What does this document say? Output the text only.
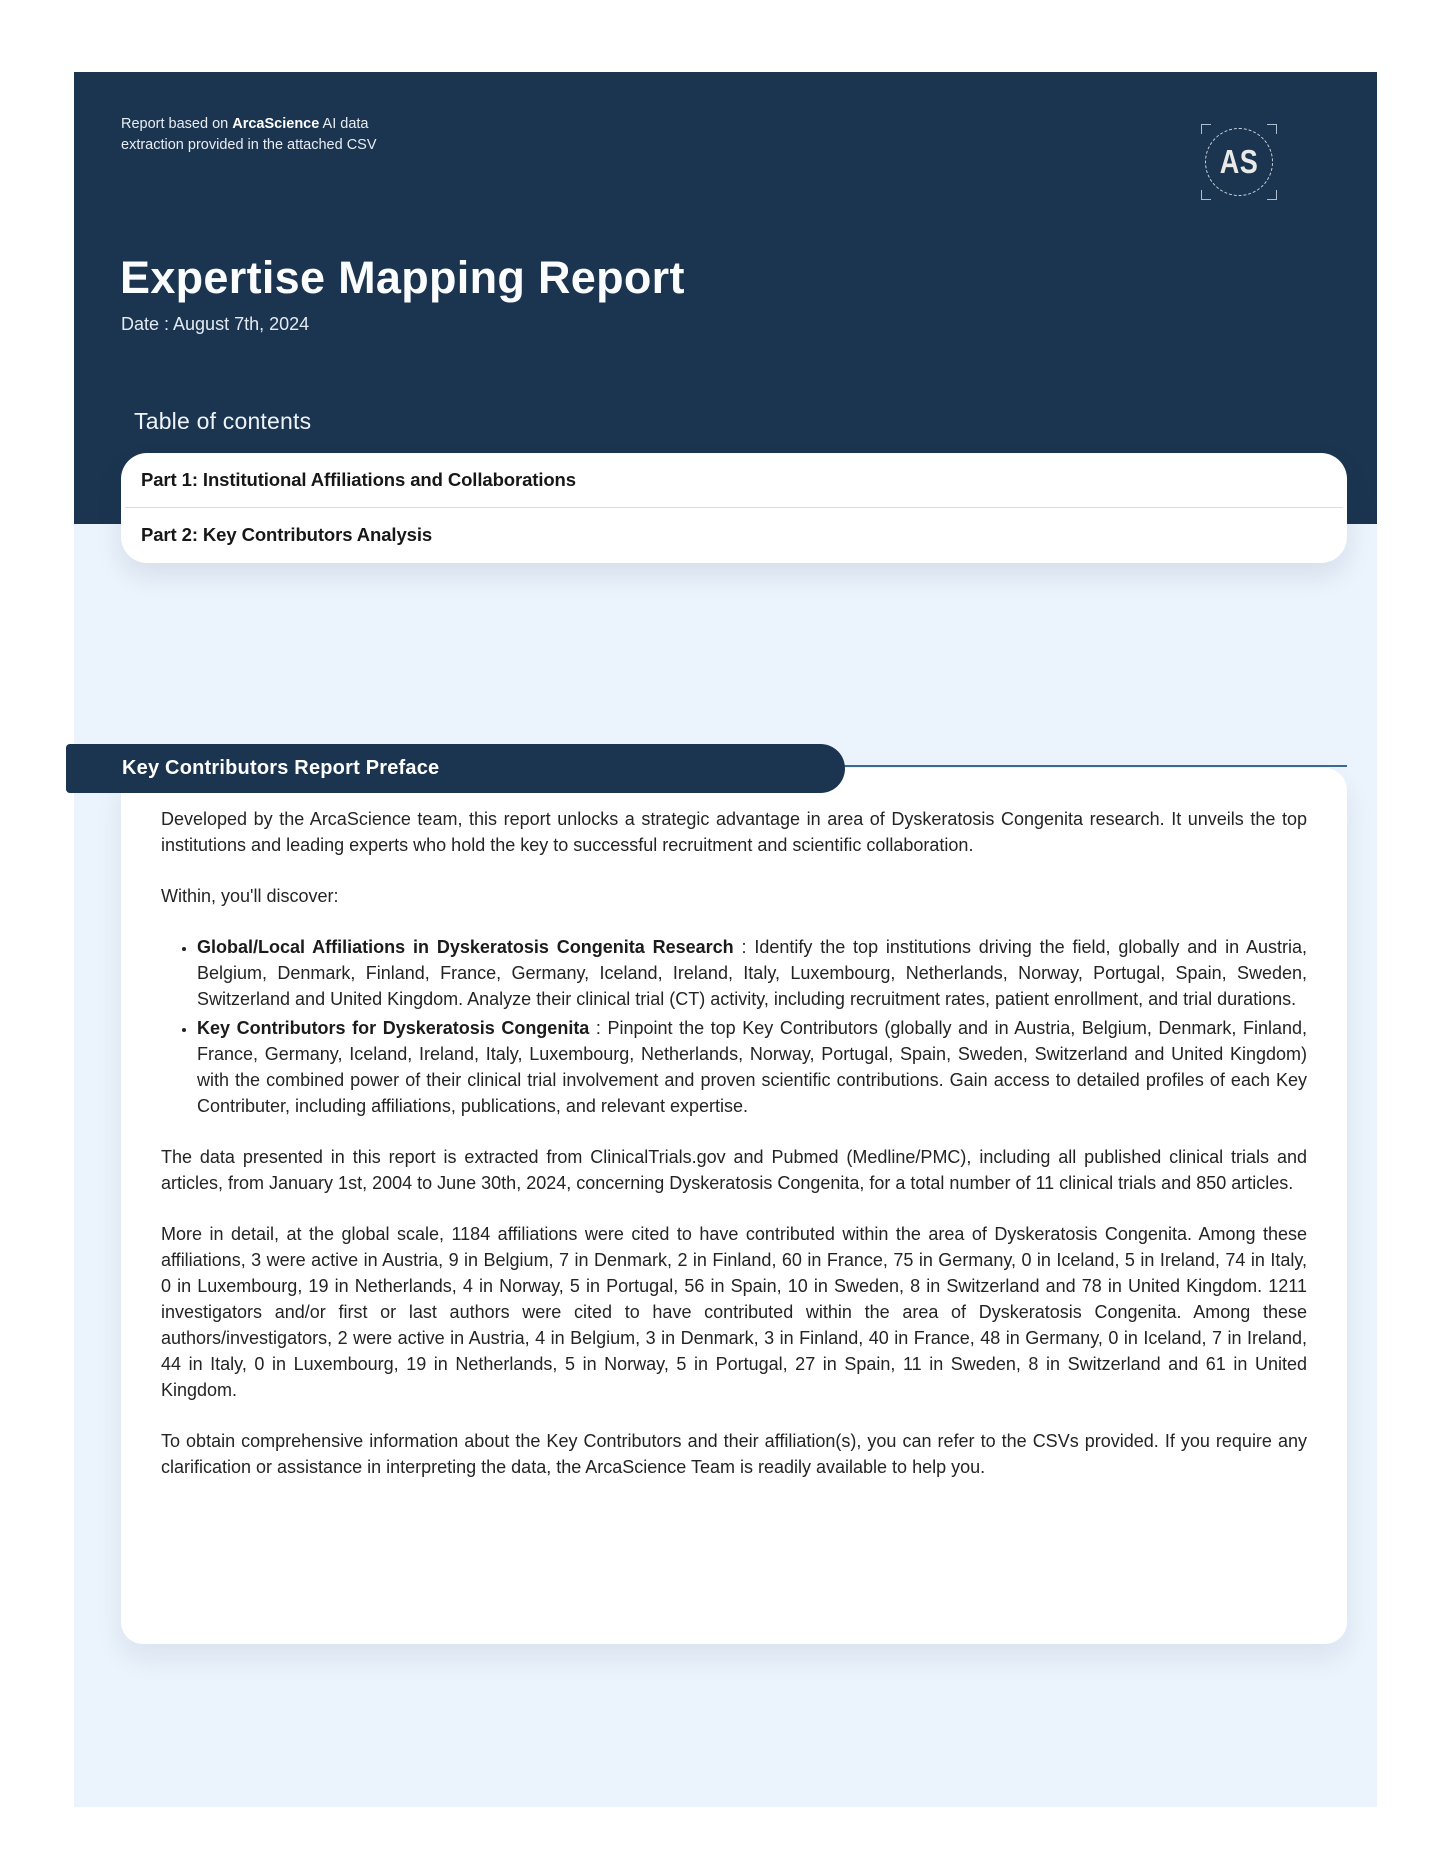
Report based on ArcaScience AI data extraction provided in the attached CSV	AS
Expertise Mapping Report

Date : August 7th, 2024

Table of contents
Part 1: Institutional Affiliations and Collaborations
Part 2: Key Contributors Analysis

Developed by the ArcaScience team, this report unlocks a strategic advantage in area of Dyskeratosis Congenita research. It unveils the top institutions and leading experts who hold the key to successful recruitment and scientific collaboration.

Within, you'll discover:

• Global/Local Affiliations in Dyskeratosis Congenita Research : Identify the top institutions driving the field, globally and in Austria, Belgium, Denmark, Finland, France, Germany, Iceland, Ireland, Italy, Luxembourg, Netherlands, Norway, Portugal, Spain, Sweden, Switzerland and United Kingdom. Analyze their clinical trial (CT) activity, including recruitment rates, patient enrollment, and trial durations.
• Key Contributors for Dyskeratosis Congenita : Pinpoint the top Key Contributors (globally and in Austria, Belgium, Denmark, Finland, France, Germany, Iceland, Ireland, Italy, Luxembourg, Netherlands, Norway, Portugal, Spain, Sweden, Switzerland and United Kingdom) with the combined power of their clinical trial involvement and proven scientific contributions. Gain access to detailed profiles of each Key Contributer, including affiliations, publications, and relevant expertise.

The data presented in this report is extracted from ClinicalTrials.gov and Pubmed (Medline/PMC), including all published clinical trials and articles, from January 1st, 2004 to June 30th, 2024, concerning Dyskeratosis Congenita, for a total number of 11 clinical trials and 850 articles.

More in detail, at the global scale, 1184 affiliations were cited to have contributed within the area of Dyskeratosis Congenita. Among these affiliations, 3 were active in Austria, 9 in Belgium, 7 in Denmark, 2 in Finland, 60 in France, 75 in Germany, 0 in Iceland, 5 in Ireland, 74 in Italy, 0 in Luxembourg, 19 in Netherlands, 4 in Norway, 5 in Portugal, 56 in Spain, 10 in Sweden, 8 in Switzerland and 78 in United Kingdom. 1211 investigators and/or first or last authors were cited to have contributed within the area of Dyskeratosis Congenita. Among these authors/investigators, 2 were active in Austria, 4 in Belgium, 3 in Denmark, 3 in Finland, 40 in France, 48 in Germany, 0 in Iceland, 7 in Ireland, 44 in Italy, 0 in Luxembourg, 19 in Netherlands, 5 in Norway, 5 in Portugal, 27 in Spain, 11 in Sweden, 8 in Switzerland and 61 in United Kingdom.

To obtain comprehensive information about the Key Contributors and their affiliation(s), you can refer to the CSVs provided. If you require any clarification or assistance in interpreting the data, the ArcaScience Team is readily available to help you.

Key Contributors Report Preface
